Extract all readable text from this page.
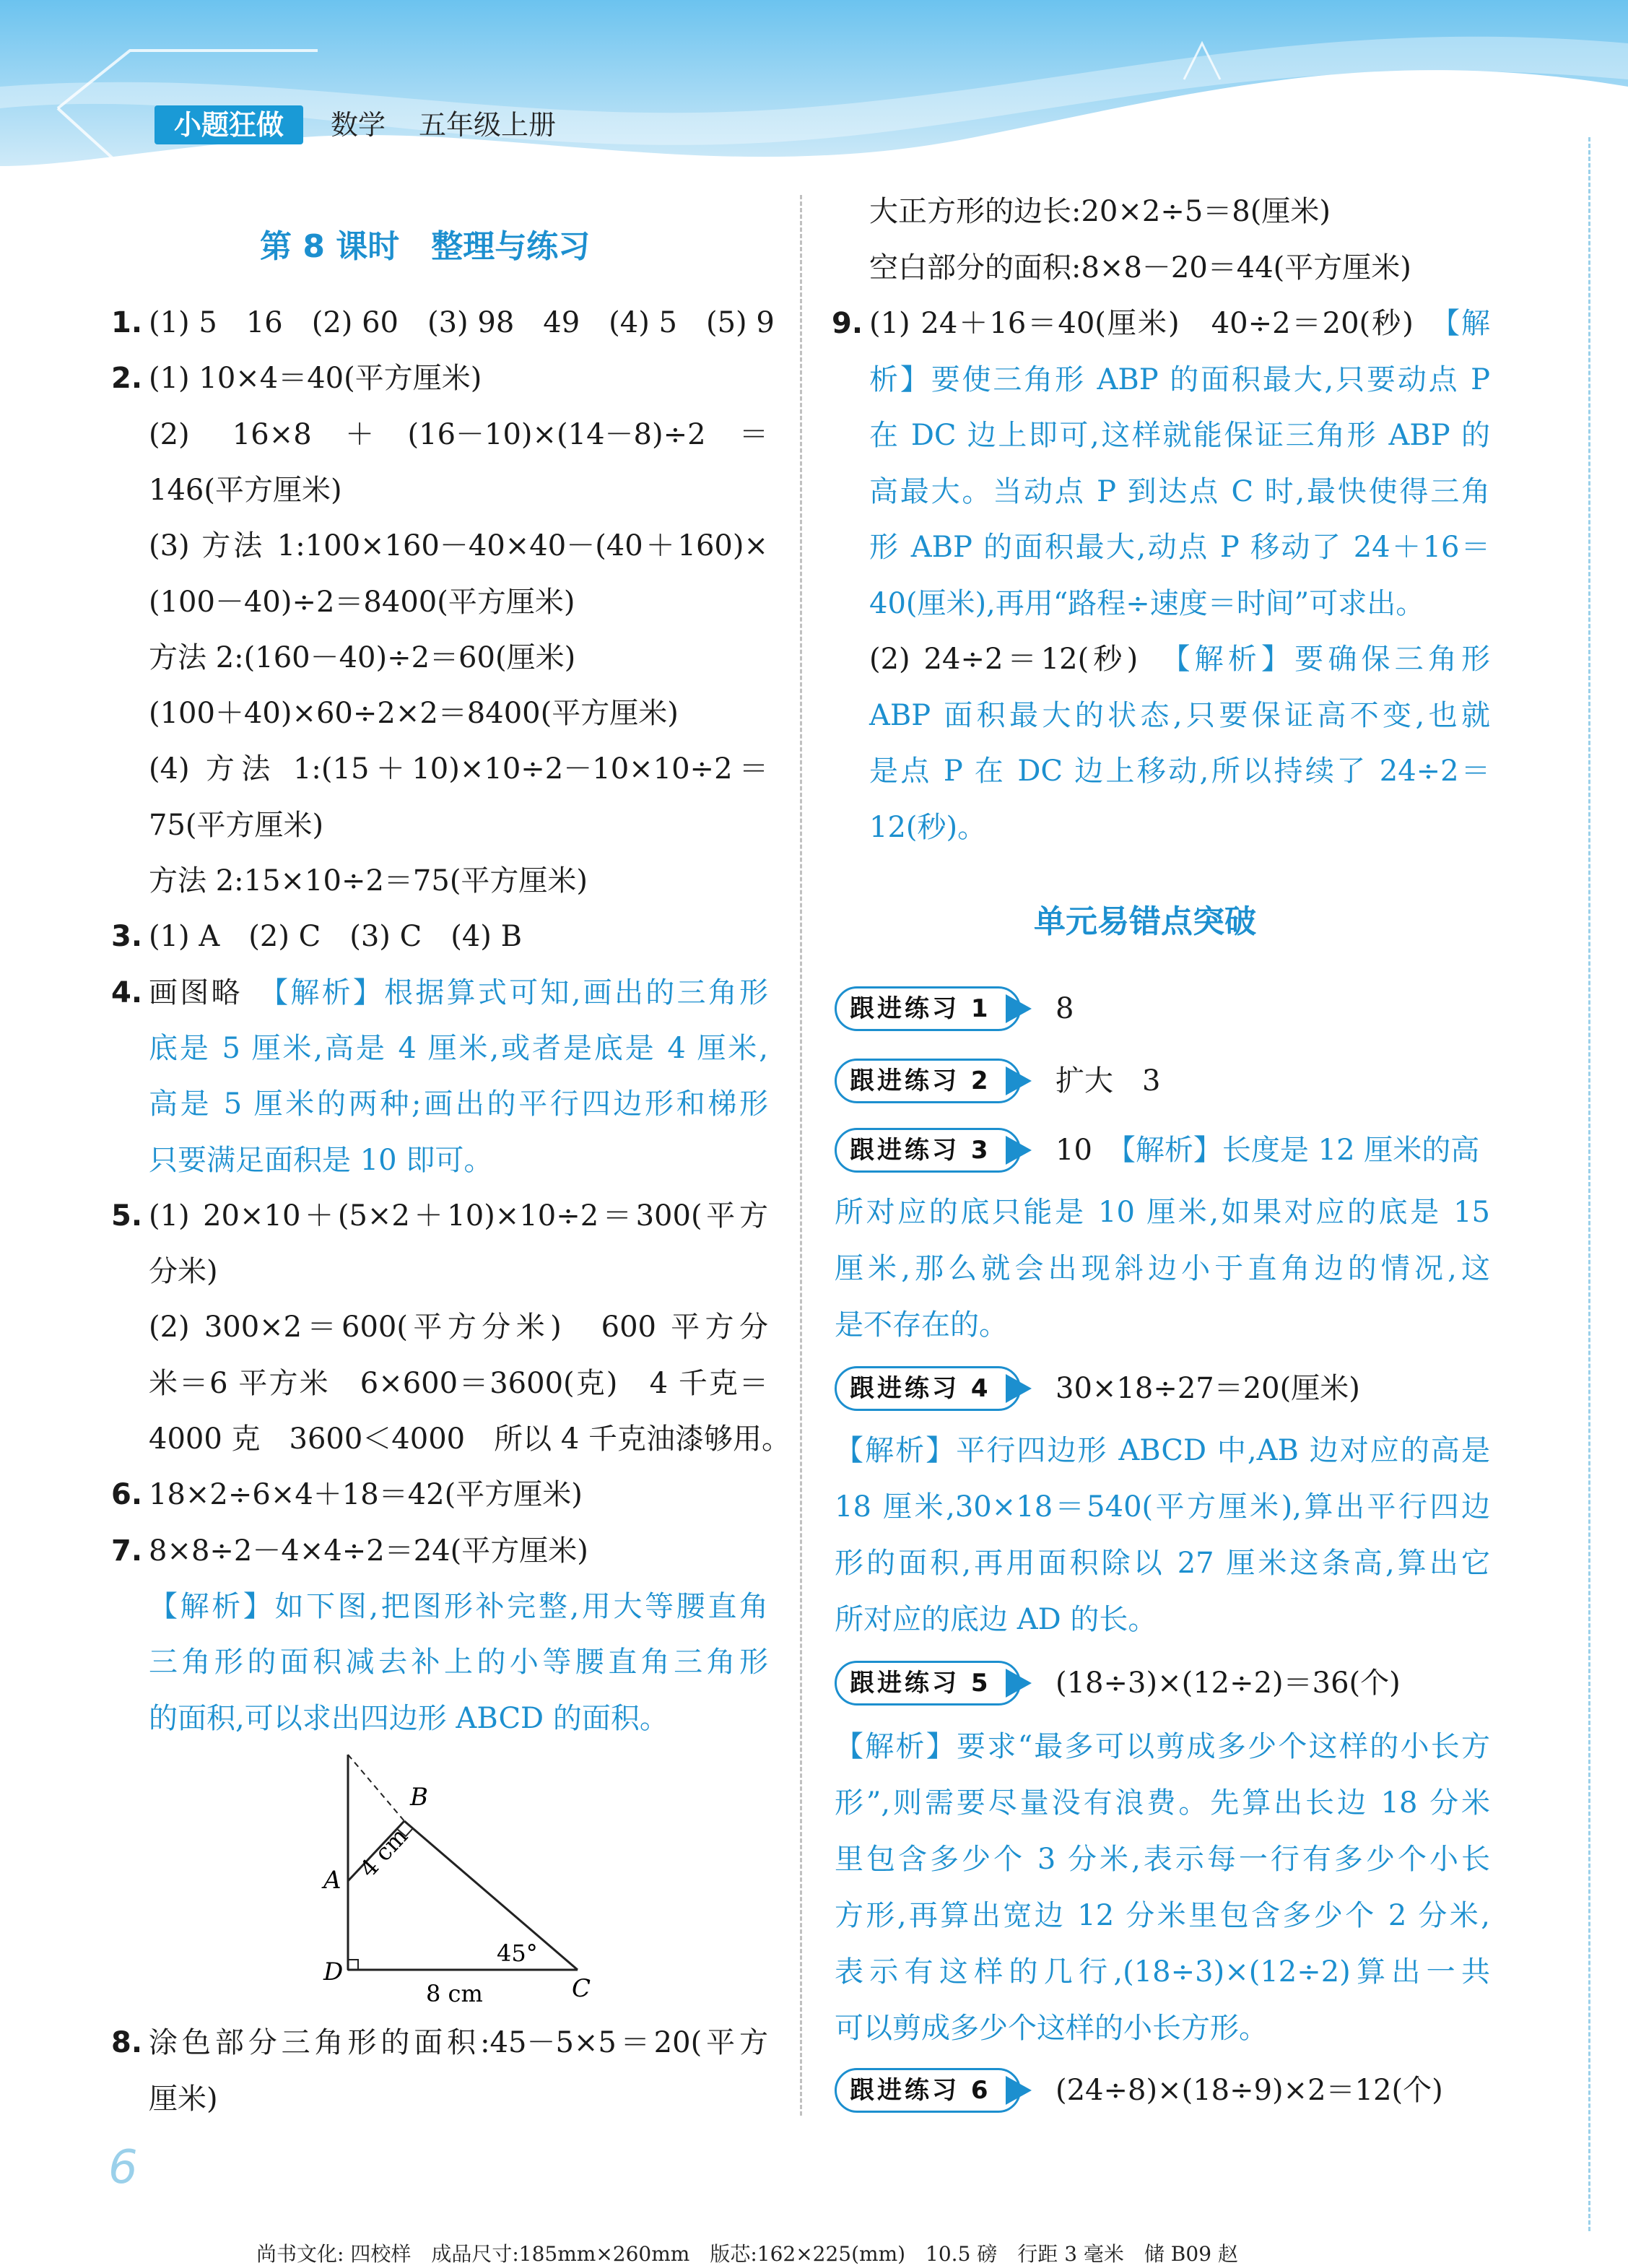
小题狂做	数学 五年级上册
第 8 课时　整理与练习
1. (1) 5　16　(2) 60　(3) 98　49　(4) 5　(5) 9
2. (1) 10×4＝40(平方厘米)
(2) 16×8＋(16－10)×(14－8)÷2＝
146(平方厘米)
(3) 方法 1:100×160－40×40－(40＋160)×
(100－40)÷2＝8400(平方厘米)
方法 2:(160－40)÷2＝60(厘米)
(100＋40)×60÷2×2＝8400(平方厘米)
(4) 方法 1:(15＋10)×10÷2－10×10÷2＝
75(平方厘米)
方法 2:15×10÷2＝75(平方厘米)
3. (1) A　(2) C　(3) C　(4) B
4. 画图略　【解析】根据算式可知,画出的三角形
底是 5 厘米,高是 4 厘米,或者是底是 4 厘米,
高是 5 厘米的两种;画出的平行四边形和梯形
只要满足面积是 10 即可。
5. (1) 20×10＋(5×2＋10)×10÷2＝300(平方
分米)
(2) 300×2＝600(平方分米)　600 平方分
米＝6 平方米　6×600＝3600(克)　4 千克＝
4000 克　3600＜4000　所以 4 千克油漆够用。
6. 18×2÷6×4＋18＝42(平方厘米)
7. 8×8÷2－4×4÷2＝24(平方厘米)
【解析】如下图,把图形补完整,用大等腰直角
三角形的面积减去补上的小等腰直角三角形
的面积,可以求出四边形 ABCD 的面积。
A
B
C
D
4 cm
8 cm
45°
8. 涂色部分三角形的面积:45－5×5＝20(平方
厘米)
大正方形的边长:20×2÷5＝8(厘米)
空白部分的面积:8×8－20＝44(平方厘米)
9. (1) 24＋16＝40(厘米)　40÷2＝20(秒)　【解
析】要使三角形 ABP 的面积最大,只要动点 P
在 DC 边上即可,这样就能保证三角形 ABP 的
高最大。当动点 P 到达点 C 时,最快使得三角
形 ABP 的面积最大,动点 P 移动了 24＋16＝
40(厘米),再用“路程÷速度＝时间”可求出。
(2) 24÷2＝12(秒)　【解析】要确保三角形
ABP 面积最大的状态,只要保证高不变,也就
是点 P 在 DC 边上移动,所以持续了 24÷2＝
12(秒)。
单元易错点突破
跟进练习 1	8
跟进练习 2	扩大　3
跟进练习 3	10　【解析】长度是 12 厘米的高
跟进练习 4	30×18÷27＝20(厘米)
跟进练习 5	(18÷3)×(12÷2)＝36(个)
跟进练习 6	(24÷8)×(18÷9)×2＝12(个)
所对应的底只能是 10 厘米,如果对应的底是 15
厘米,那么就会出现斜边小于直角边的情况,这
是不存在的。
【解析】平行四边形 ABCD 中,AB 边对应的高是
18 厘米,30×18＝540(平方厘米),算出平行四边
形的面积,再用面积除以 27 厘米这条高,算出它
所对应的底边 AD 的长。
【解析】要求“最多可以剪成多少个这样的小长方
形”,则需要尽量没有浪费。先算出长边 18 分米
里包含多少个 3 分米,表示每一行有多少个小长
方形,再算出宽边 12 分米里包含多少个 2 分米,
表示有这样的几行,(18÷3)×(12÷2)算出一共
可以剪成多少个这样的小长方形。
6
尚书文化: 四校样　成品尺寸:185mm×260mm　版芯:162×225(mm)　10.5 磅　行距 3 毫米　储 B09 赵
